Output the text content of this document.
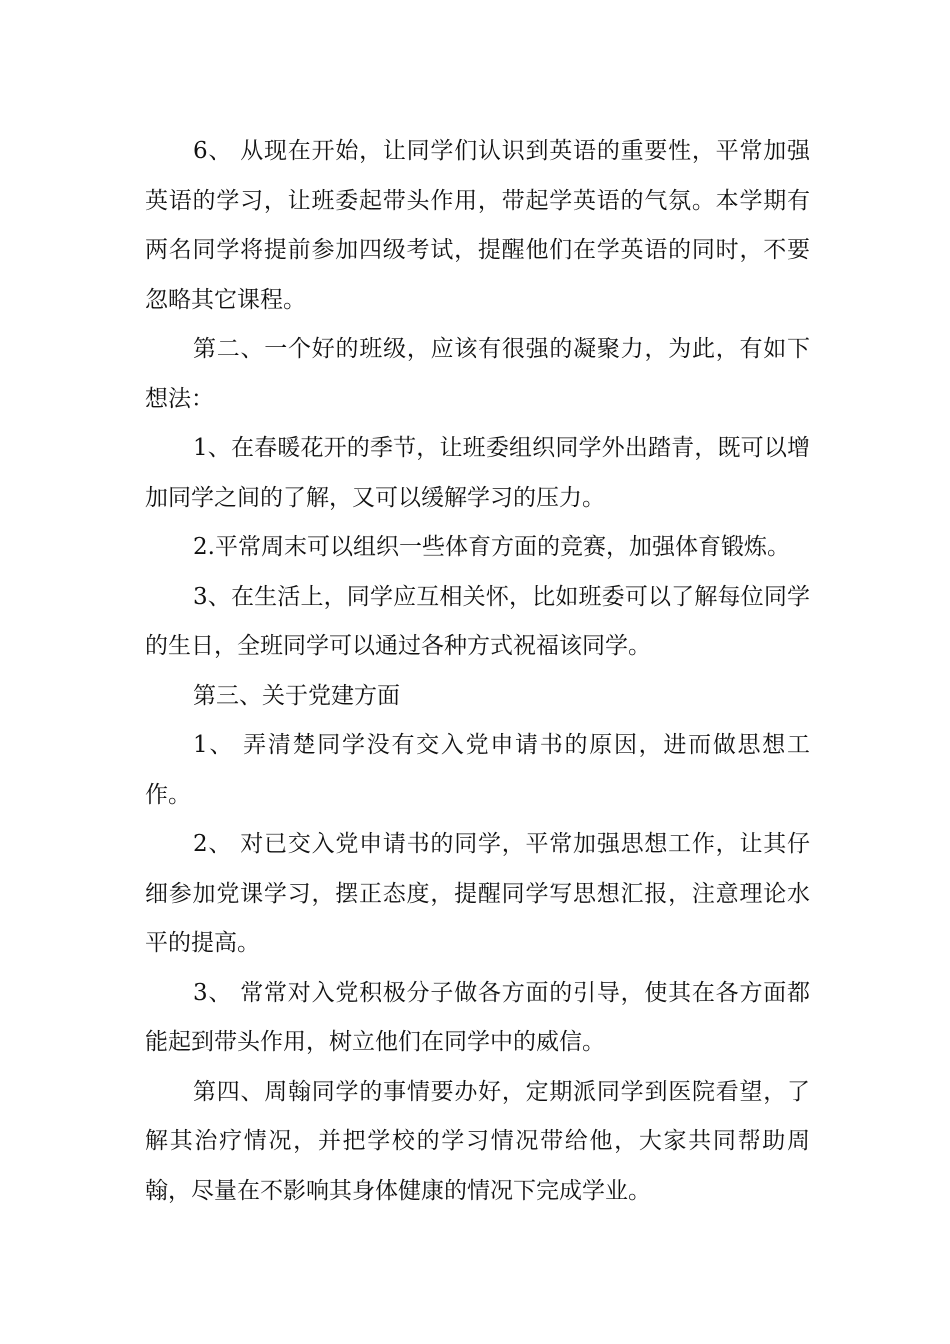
6、 从现在开始，让同学们认识到英语的重要性，平常加强英语的学习，让班委起带头作用，带起学英语的气氛。本学期有两名同学将提前参加四级考试，提醒他们在学英语的同时，不要忽略其它课程。

第二、一个好的班级，应该有很强的凝聚力，为此，有如下想法：

1、在春暖花开的季节，让班委组织同学外出踏青，既可以增加同学之间的了解，又可以缓解学习的压力。

2.平常周末可以组织一些体育方面的竞赛，加强体育锻炼。

3、在生活上，同学应互相关怀，比如班委可以了解每位同学的生日，全班同学可以通过各种方式祝福该同学。

第三、关于党建方面

1、 弄清楚同学没有交入党申请书的原因，进而做思想工作。

2、 对已交入党申请书的同学，平常加强思想工作，让其仔细参加党课学习，摆正态度，提醒同学写思想汇报，注意理论水平的提高。

3、 常常对入党积极分子做各方面的引导，使其在各方面都能起到带头作用，树立他们在同学中的威信。

第四、周翰同学的事情要办好，定期派同学到医院看望，了解其治疗情况，并把学校的学习情况带给他，大家共同帮助周翰，尽量在不影响其身体健康的情况下完成学业。
